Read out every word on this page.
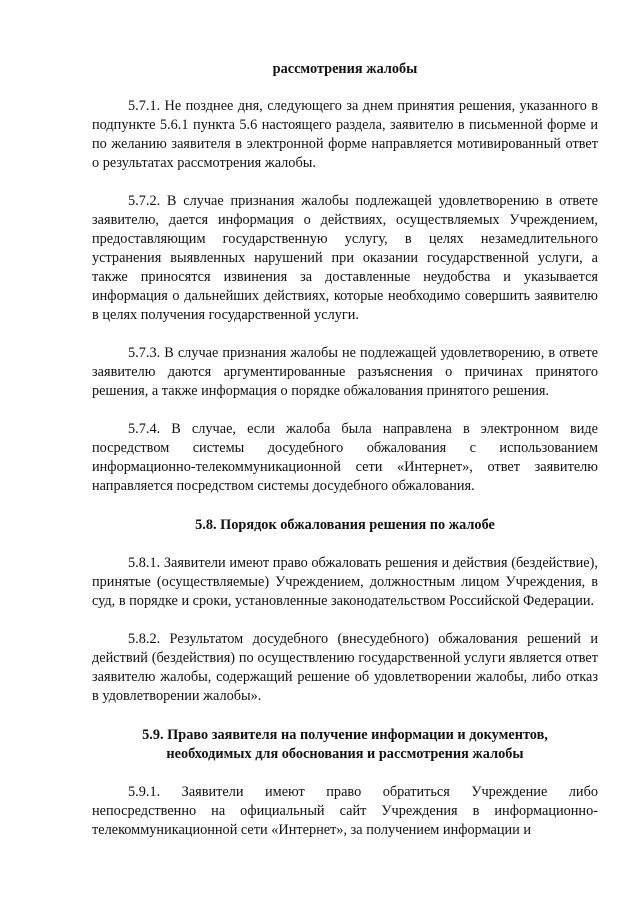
рассмотрения жалобы

5.7.1. Не позднее дня, следующего за днем принятия решения, указанного в подпункте 5.6.1 пункта 5.6 настоящего раздела, заявителю в письменной форме и по желанию заявителя в электронной форме направляется мотивированный ответ о результатах рассмотрения жалобы.

5.7.2. В случае признания жалобы подлежащей удовлетворению в ответе заявителю, дается информация о действиях, осуществляемых Учреждением, предоставляющим государственную услугу, в целях незамедлительного устранения выявленных нарушений при оказании государственной услуги, а также приносятся извинения за доставленные неудобства и указывается информация о дальнейших действиях, которые необходимо совершить заявителю в целях получения государственной услуги.

5.7.3. В случае признания жалобы не подлежащей удовлетворению, в ответе заявителю даются аргументированные разъяснения о причинах принятого решения, а также информация о порядке обжалования принятого решения.

5.7.4. В случае, если жалоба была направлена в электронном виде посредством системы досудебного обжалования с использованием информационно-телекоммуникационной сети «Интернет», ответ заявителю направляется посредством системы досудебного обжалования.

5.8. Порядок обжалования решения по жалобе

5.8.1. Заявители имеют право обжаловать решения и действия (бездействие), принятые (осуществляемые) Учреждением, должностным лицом Учреждения, в суд, в порядке и сроки, установленные законодательством Российской Федерации.

5.8.2. Результатом досудебного (внесудебного) обжалования решений и действий (бездействия) по осуществлению государственной услуги является ответ заявителю жалобы, содержащий решение об удовлетворении жалобы, либо отказ в удовлетворении жалобы».

5.9. Право заявителя на получение информации и документов,
необходимых для обоснования и рассмотрения жалобы

5.9.1. Заявители имеют право обратиться Учреждение либо непосредственно на официальный сайт Учреждения в информационно-телекоммуникационной сети «Интернет», за получением информации и
